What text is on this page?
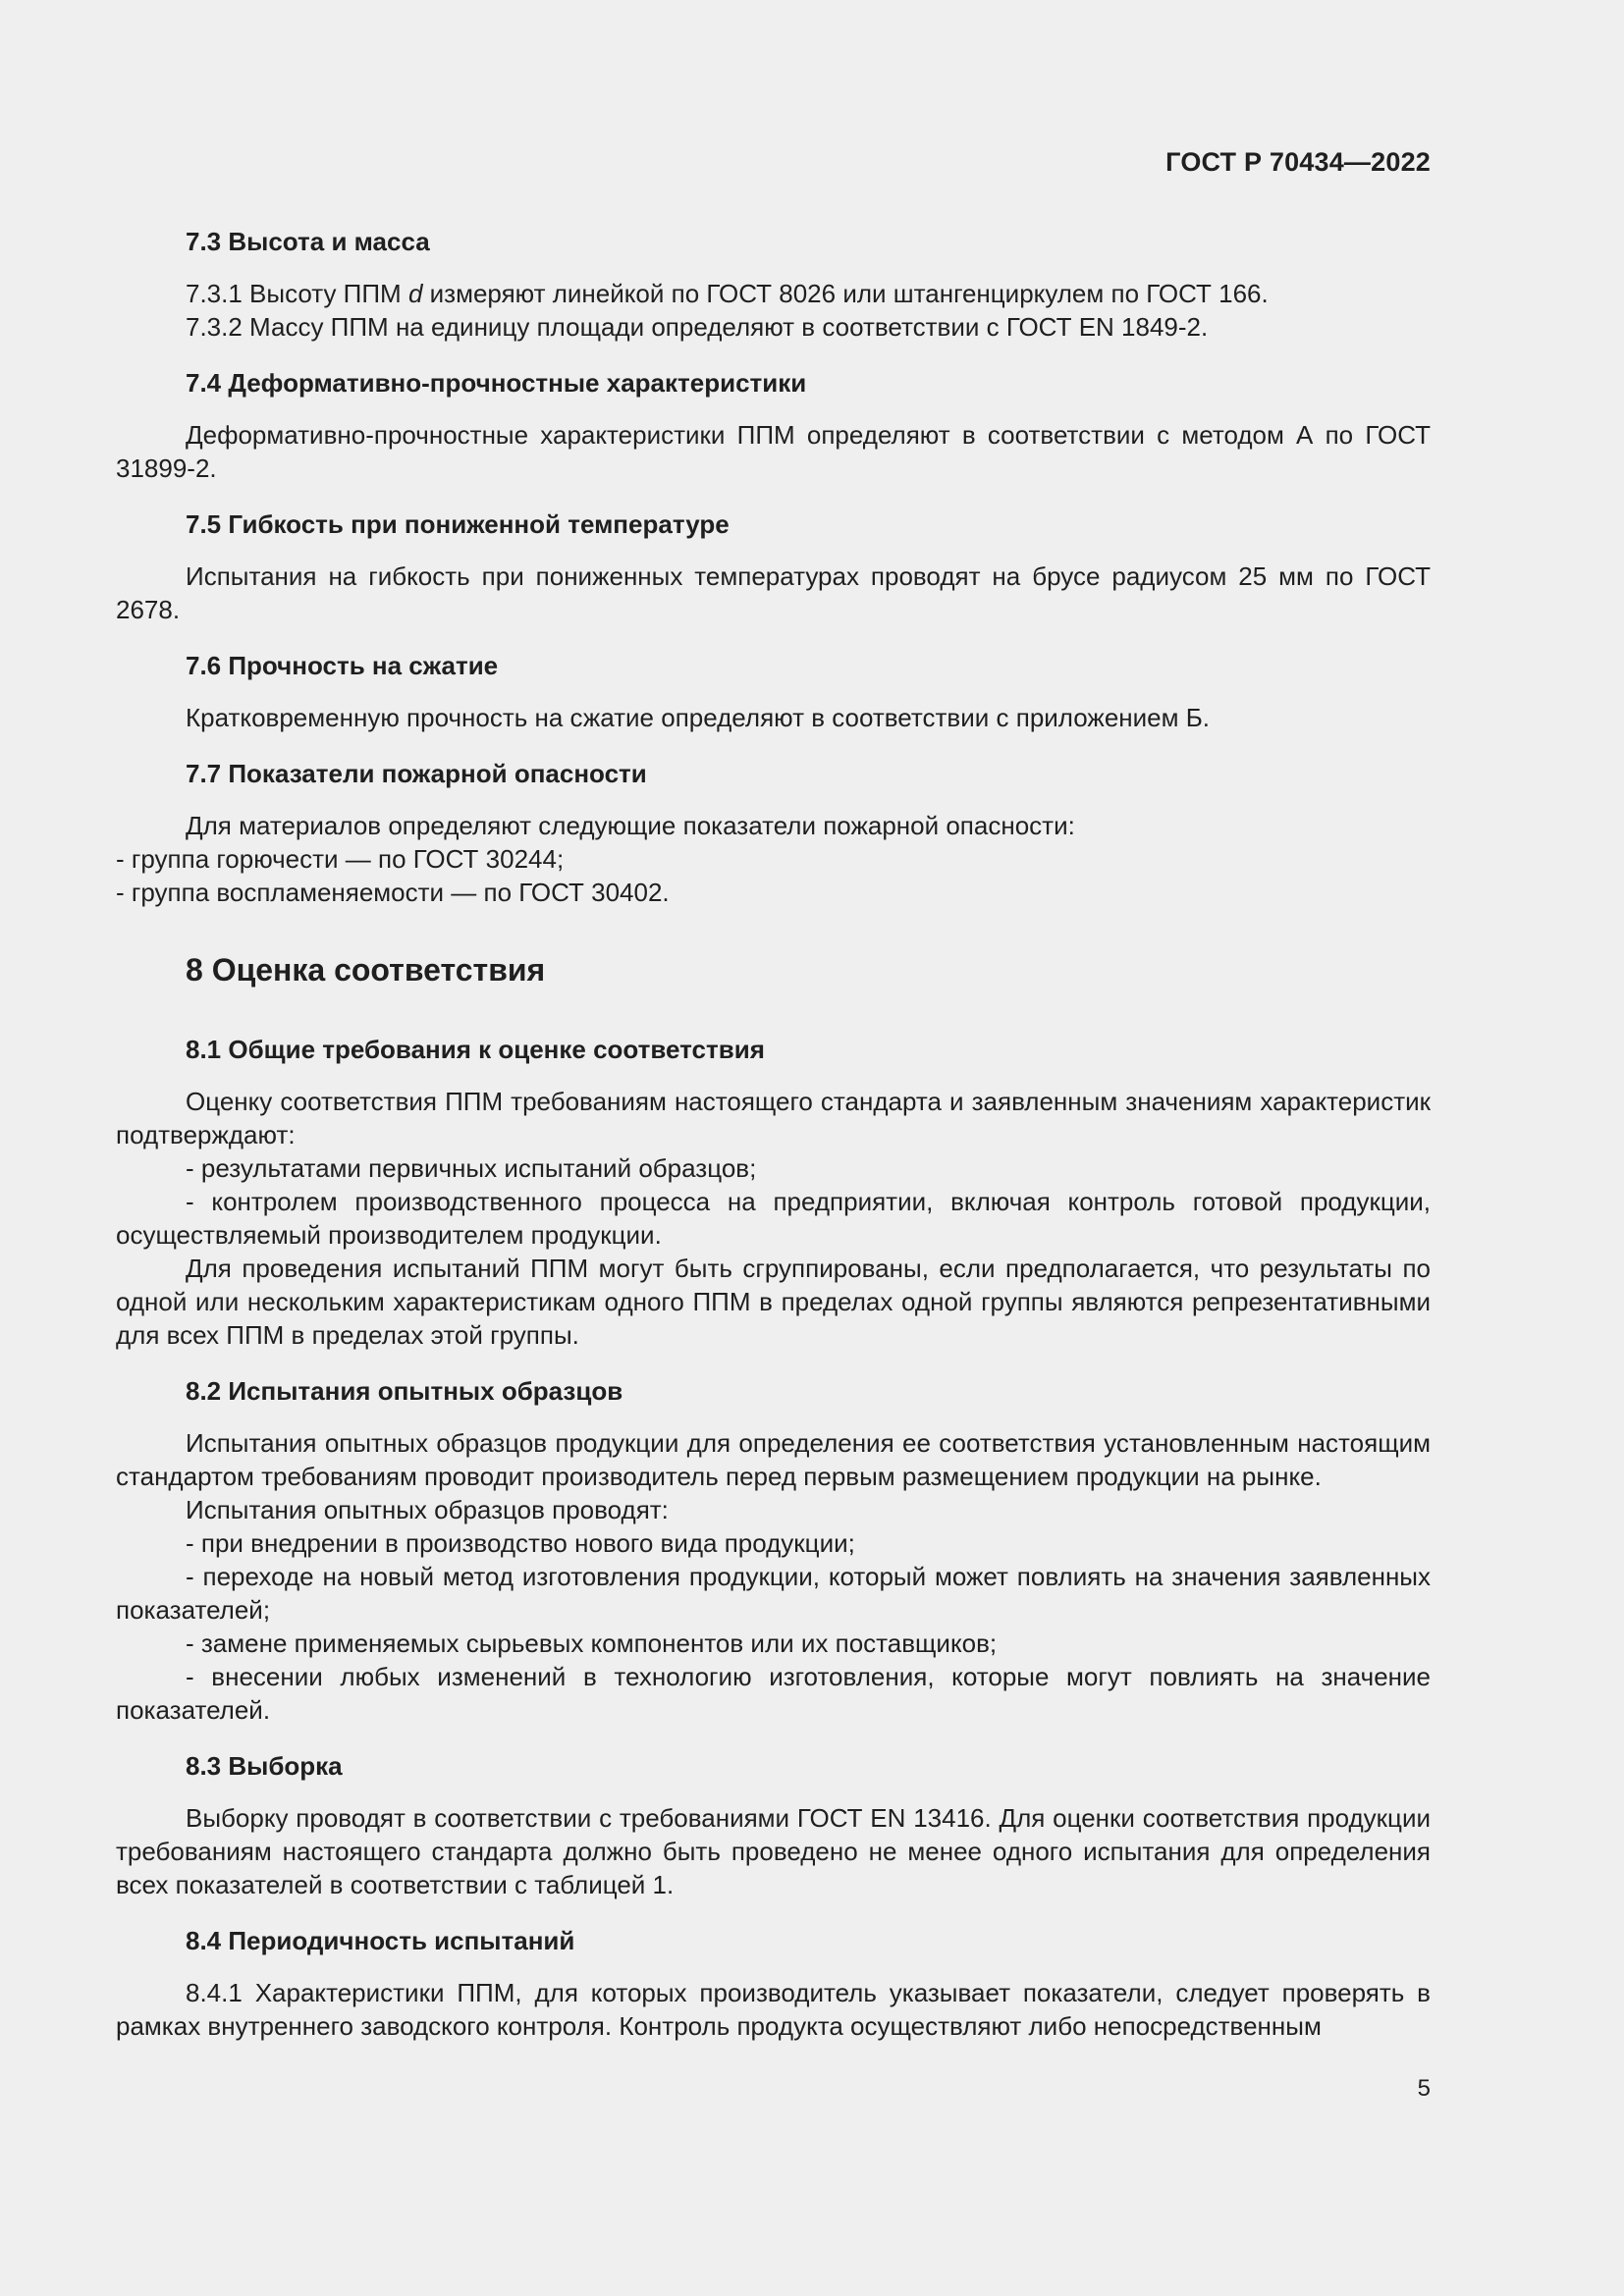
ГОСТ Р 70434—2022
7.3 Высота и масса

7.3.1 Высоту ППМ d измеряют линейкой по ГОСТ 8026 или штангенциркулем по ГОСТ 166.

7.3.2 Массу ППМ на единицу площади определяют в соответствии с ГОСТ EN 1849-2.

7.4 Деформативно-прочностные характеристики

Деформативно-прочностные характеристики ППМ определяют в соответствии с методом А по ГОСТ 31899-2.

7.5 Гибкость при пониженной температуре

Испытания на гибкость при пониженных температурах проводят на брусе радиусом 25 мм по ГОСТ 2678.

7.6 Прочность на сжатие

Кратковременную прочность на сжатие определяют в соответствии с приложением Б.

7.7 Показатели пожарной опасности

Для материалов определяют следующие показатели пожарной опасности:

- группа горючести — по ГОСТ 30244;

- группа воспламеняемости — по ГОСТ 30402.

8 Оценка соответствия
8.1 Общие требования к оценке соответствия

Оценку соответствия ППМ требованиям настоящего стандарта и заявленным значениям характеристик подтверждают:

- результатами первичных испытаний образцов;

- контролем производственного процесса на предприятии, включая контроль готовой продукции, осуществляемый производителем продукции.

Для проведения испытаний ППМ могут быть сгруппированы, если предполагается, что результаты по одной или нескольким характеристикам одного ППМ в пределах одной группы являются репрезентативными для всех ППМ в пределах этой группы.

8.2 Испытания опытных образцов

Испытания опытных образцов продукции для определения ее соответствия установленным настоящим стандартом требованиям проводит производитель перед первым размещением продукции на рынке.

Испытания опытных образцов проводят:

- при внедрении в производство нового вида продукции;

- переходе на новый метод изготовления продукции, который может повлиять на значения заявленных показателей;

- замене применяемых сырьевых компонентов или их поставщиков;

- внесении любых изменений в технологию изготовления, которые могут повлиять на значение показателей.

8.3 Выборка

Выборку проводят в соответствии с требованиями ГОСТ EN 13416. Для оценки соответствия продукции требованиям настоящего стандарта должно быть проведено не менее одного испытания для определения всех показателей в соответствии с таблицей 1.

8.4 Периодичность испытаний

8.4.1 Характеристики ППМ, для которых производитель указывает показатели, следует проверять в рамках внутреннего заводского контроля. Контроль продукта осуществляют либо непосредственным

5
